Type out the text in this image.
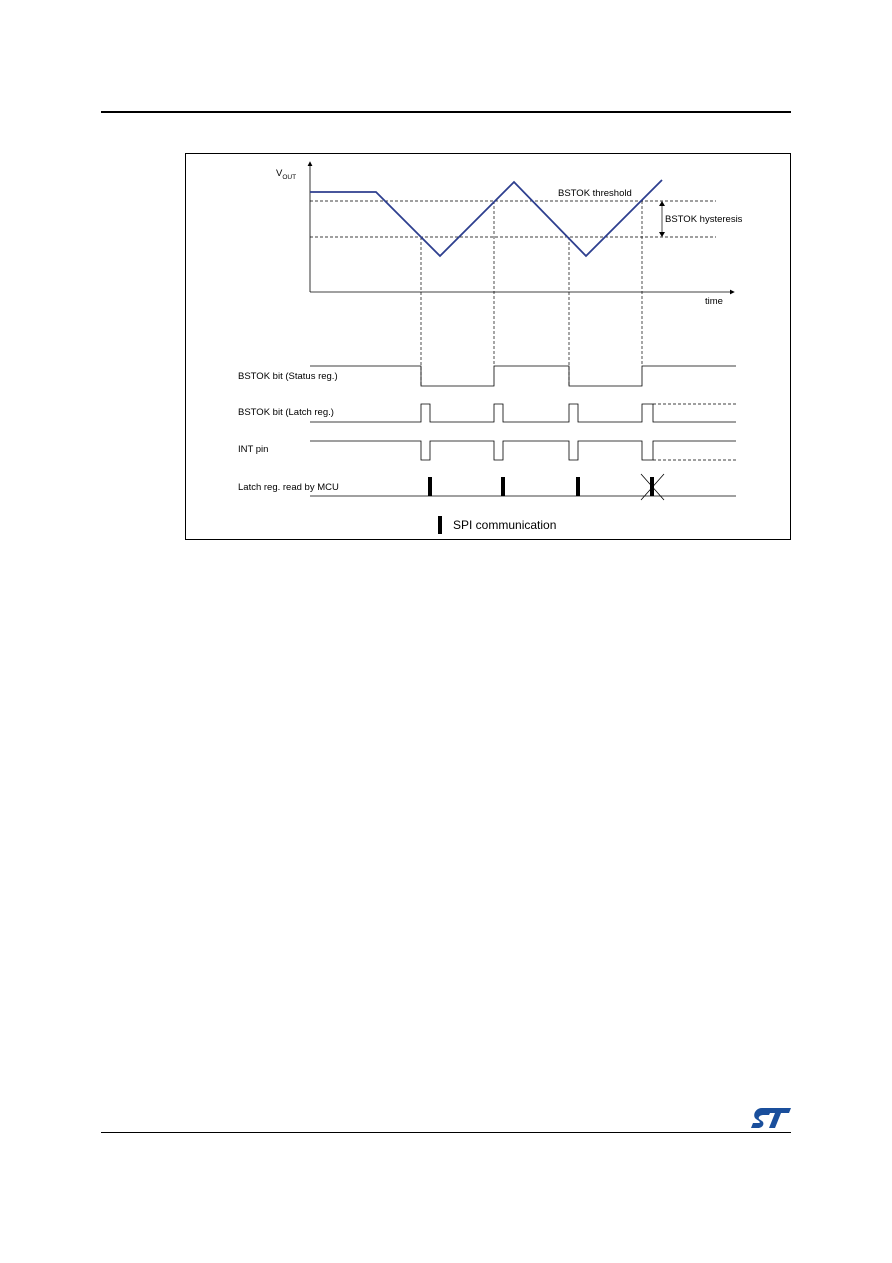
$V_{OUT}$
time
BSTOK threshold
BSTOK hysteresis
BSTOK bit (Status reg.)
BSTOK bit (Latch reg.)
INT pin
Latch reg. read by MCU
SPI communication
